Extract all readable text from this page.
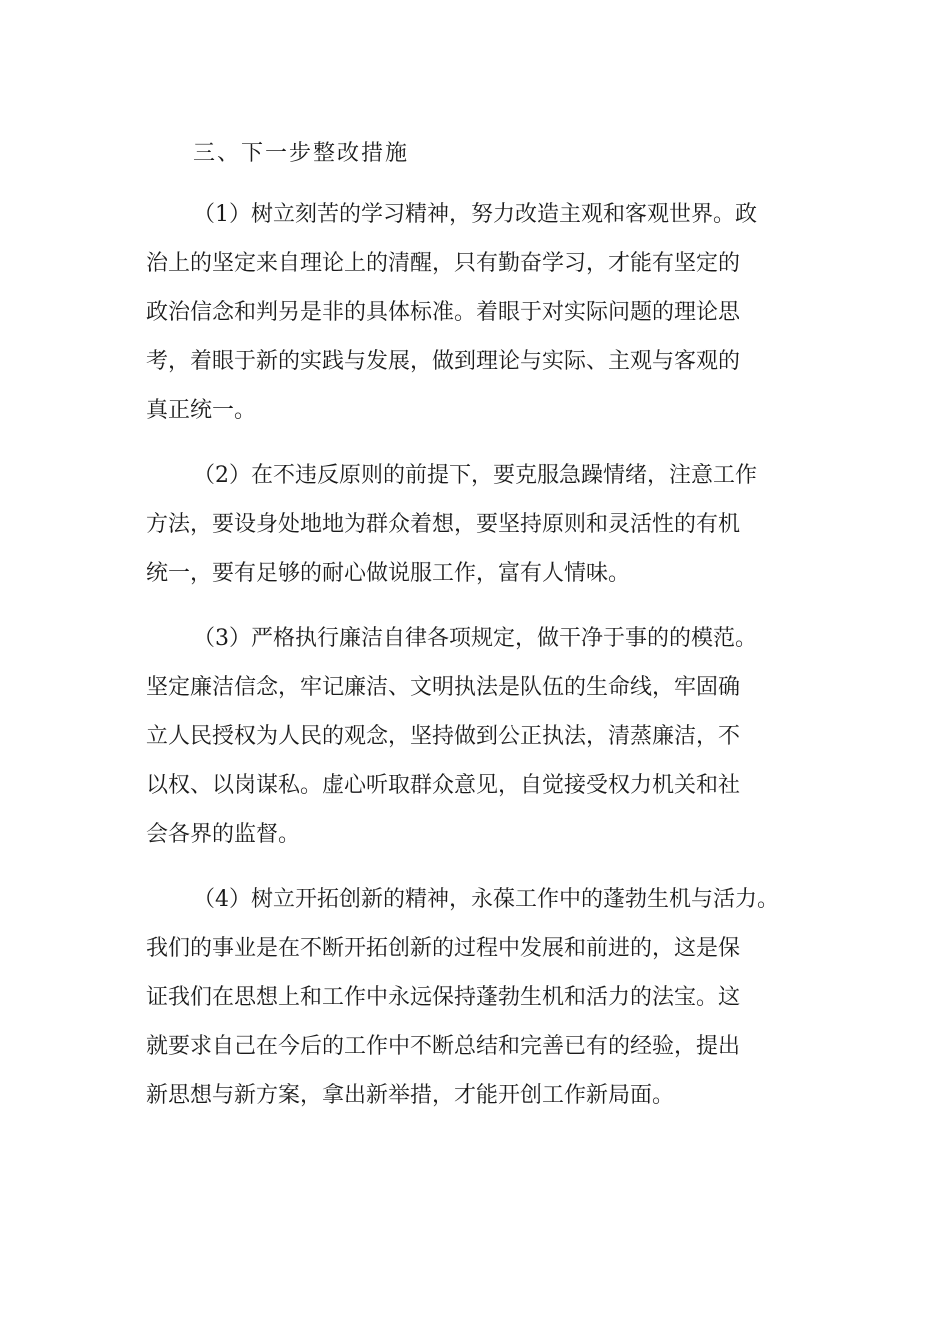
三、下一步整改措施
（1）树立刻苦的学习精神，努力改造主观和客观世界。政
治上的坚定来自理论上的清醒，只有勤奋学习，才能有坚定的
政治信念和判另是非的具体标准。着眼于对实际问题的理论思
考，着眼于新的实践与发展，做到理论与实际、主观与客观的
真正统一。
（2）在不违反原则的前提下，要克服急躁情绪，注意工作
方法，要设身处地地为群众着想，要坚持原则和灵活性的有机
统一，要有足够的耐心做说服工作，富有人情味。
（3）严格执行廉洁自律各项规定，做干净于事的的模范。
坚定廉洁信念，牢记廉洁、文明执法是队伍的生命线，牢固确
立人民授权为人民的观念，坚持做到公正执法，清蒸廉洁，不
以权、以岗谋私。虚心听取群众意见，自觉接受权力机关和社
会各界的监督。
（4）树立开拓创新的精神，永葆工作中的蓬勃生机与活力。
我们的事业是在不断开拓创新的过程中发展和前进的，这是保
证我们在思想上和工作中永远保持蓬勃生机和活力的法宝。这
就要求自己在今后的工作中不断总结和完善已有的经验，提出
新思想与新方案，拿出新举措，才能开创工作新局面。
